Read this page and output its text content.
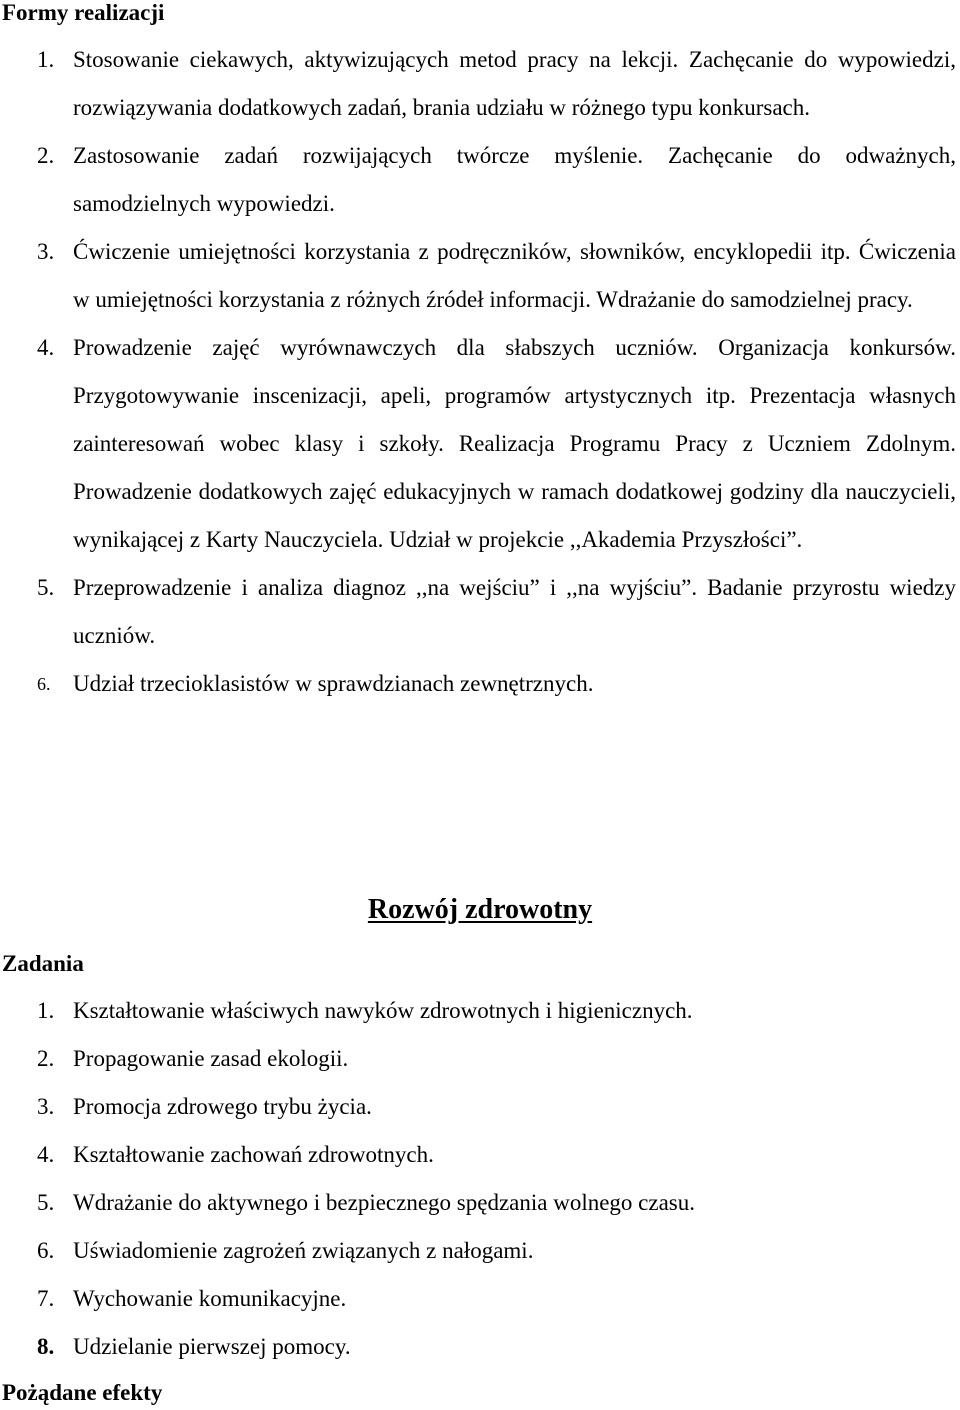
Formy realizacji
1. Stosowanie ciekawych, aktywizujących metod pracy na lekcji. Zachęcanie do wypowiedzi, rozwiązywania dodatkowych zadań, brania udziału w różnego typu konkursach.
2. Zastosowanie zadań rozwijających twórcze myślenie. Zachęcanie do odważnych, samodzielnych wypowiedzi.
3. Ćwiczenie umiejętności korzystania z podręczników, słowników, encyklopedii itp. Ćwiczenia w umiejętności korzystania z różnych źródeł informacji. Wdrażanie do samodzielnej pracy.
4. Prowadzenie zajęć wyrównawczych dla słabszych uczniów. Organizacja konkursów. Przygotowywanie inscenizacji, apeli, programów artystycznych itp. Prezentacja własnych zainteresowań wobec klasy i szkoły. Realizacja Programu Pracy z Uczniem Zdolnym. Prowadzenie dodatkowych zajęć edukacyjnych w ramach dodatkowej godziny dla nauczycieli, wynikającej z Karty Nauczyciela. Udział w projekcie ,,Akademia Przyszłości”.
5. Przeprowadzenie i analiza diagnoz ,,na wejściu” i ,,na wyjściu”. Badanie przyrostu wiedzy uczniów.
6. Udział trzecioklasistów w sprawdzianach zewnętrznych.
Rozwój zdrowotny
Zadania
1. Kształtowanie właściwych nawyków zdrowotnych i higienicznych.
2. Propagowanie zasad ekologii.
3. Promocja zdrowego trybu życia.
4. Kształtowanie zachowań zdrowotnych.
5. Wdrażanie do aktywnego i bezpiecznego spędzania wolnego czasu.
6. Uświadomienie zagrożeń związanych z nałogami.
7. Wychowanie komunikacyjne.
8. Udzielanie pierwszej pomocy.
Pożądane efekty
